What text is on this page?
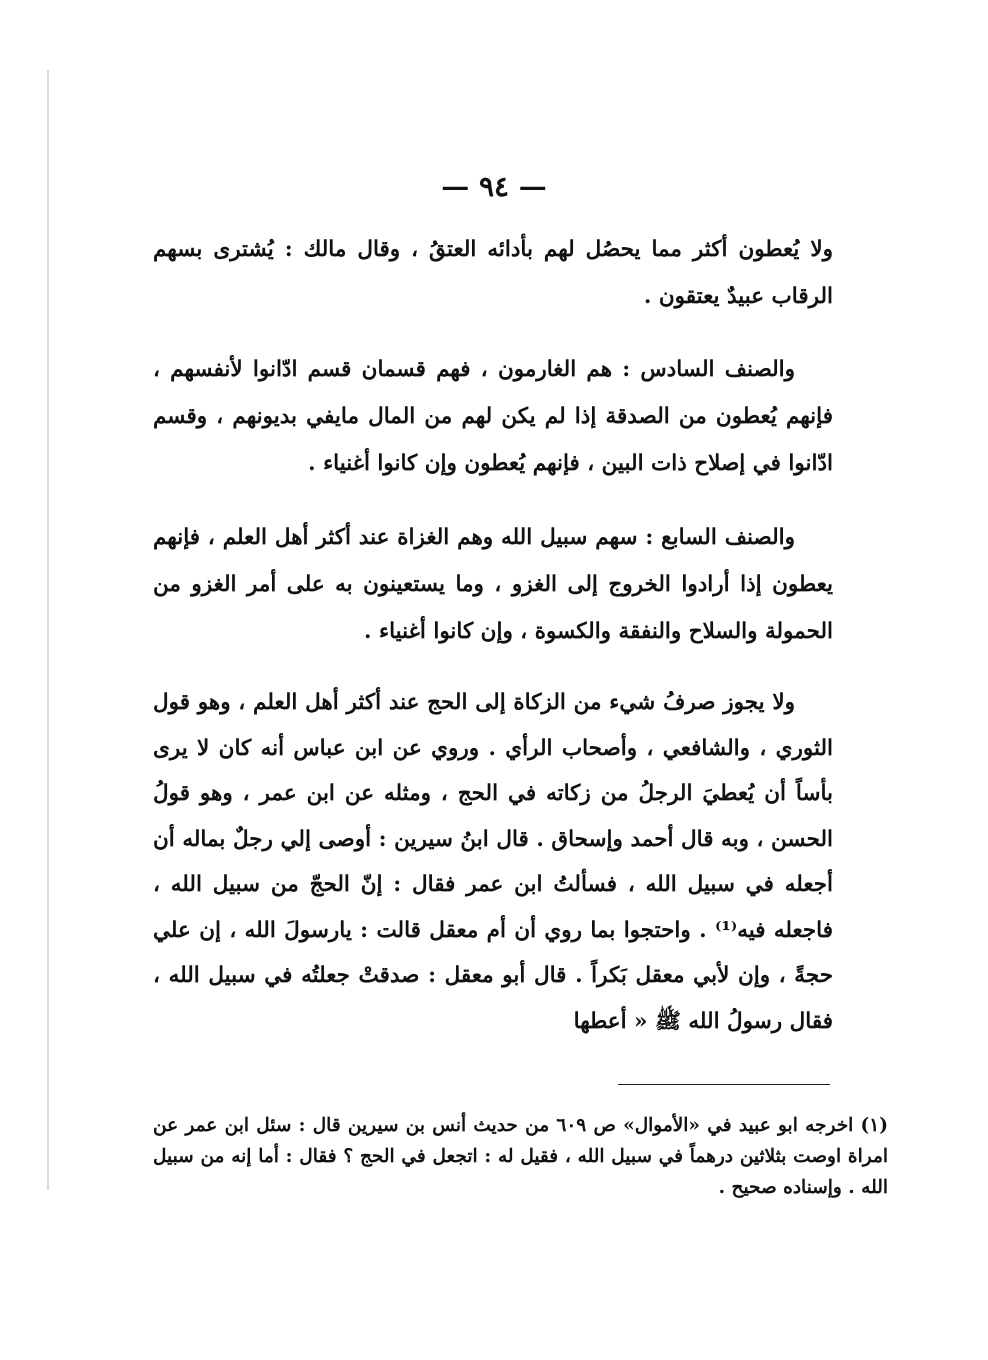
— ٩٤ —

ولا يُعطون أكثر مما يحصُل لهم بأدائه العتقُ ، وقال مالك : يُشترى بسهم الرقاب عبيدٌ يعتقون .

والصنف السادس : هم الغارمون ، فهم قسمان قسم ادّانوا لأنفسهم ، فإنهم يُعطون من الصدقة إذا لم يكن لهم من المال مايفي بديونهم ، وقسم ادّانوا في إصلاح ذات البين ، فإنهم يُعطون وإن كانوا أغنياء .

والصنف السابع : سهم سبيل الله وهم الغزاة عند أكثر أهل العلم ، فإنهم يعطون إذا أرادوا الخروج إلى الغزو ، وما يستعينون به على أمر الغزو من الحمولة والسلاح والنفقة والكسوة ، وإن كانوا أغنياء .

ولا يجوز صرفُ شيء من الزكاة إلى الحج عند أكثر أهل العلم ، وهو قول الثوري ، والشافعي ، وأصحاب الرأي . وروي عن ابن عباس أنه كان لا يرى بأساً أن يُعطيَ الرجلُ من زكاته في الحج ، ومثله عن ابن عمر ، وهو قولُ الحسن ، وبه قال أحمد وإسحاق . قال ابنُ سيرين : أوصى إلي رجلٌ بماله أن أجعله في سبيل الله ، فسألتُ ابن عمر فقال : إنّ الحجّ من سبيل الله ، فاجعله فيه⁽¹⁾ . واحتجوا بما روي أن أم معقل قالت : يارسولَ الله ، إن علي حجةً ، وإن لأبي معقل بَكراً . قال أبو معقل : صدقتْ جعلتُه في سبيل الله ، فقال رسولُ الله ﷺ « أعطها

(١) اخرجه ابو عبيد في «الأموال» ص ٦٠٩ من حديث أنس بن سيرين قال : سئل ابن عمر عن امراة اوصت بثلاثين درهماً في سبيل الله ، فقيل له : اتجعل في الحج ؟ فقال : أما إنه من سبيل الله . وإسناده صحيح .
